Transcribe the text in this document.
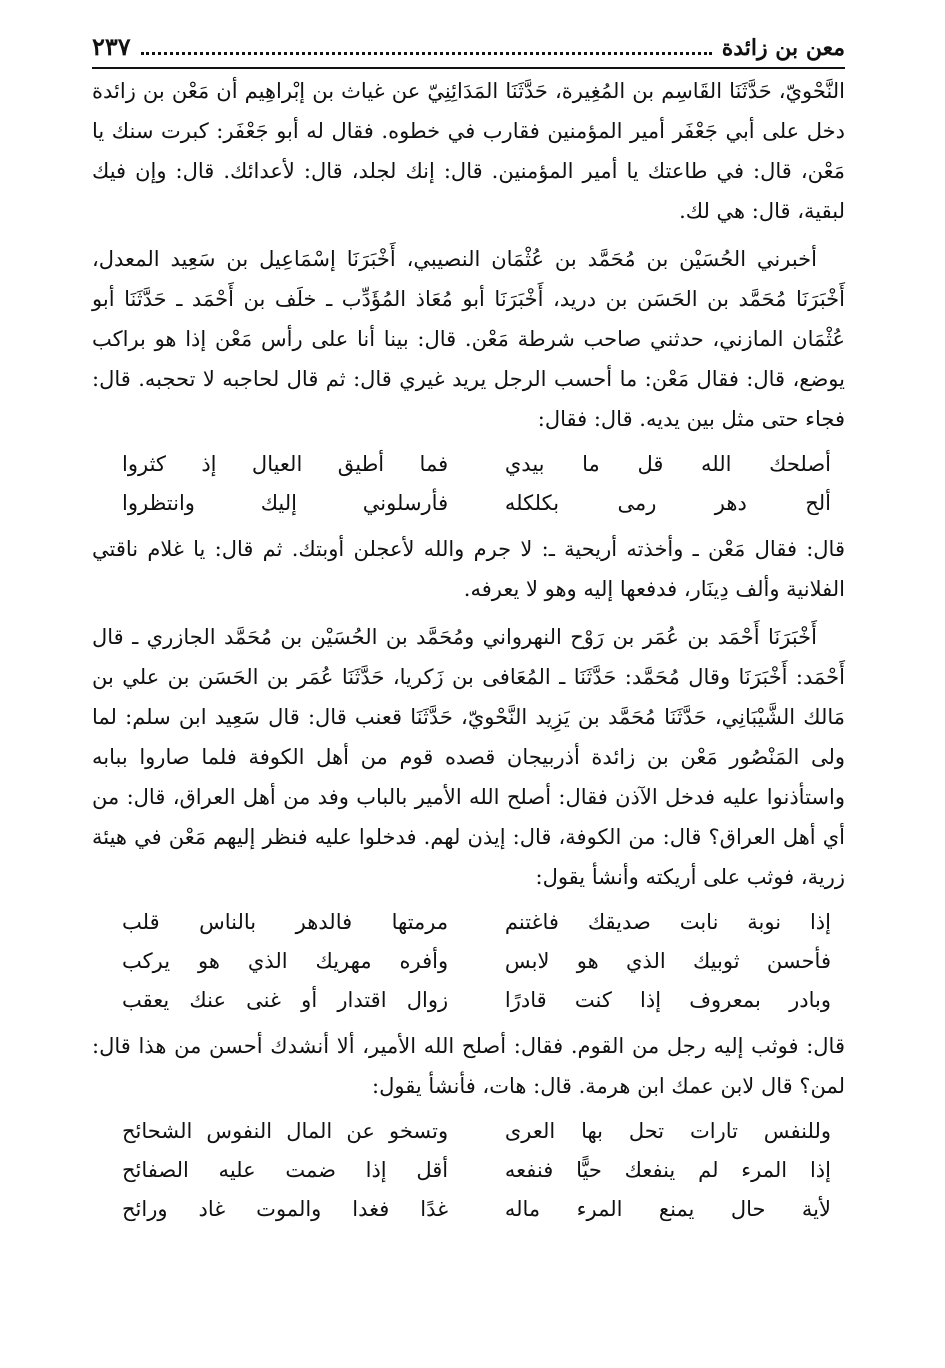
معن بن زائدة
٢٣٧

النَّحْويّ، حَدَّثَنَا القَاسِم بن المُغِيرة، حَدَّثَنَا المَدَائِنِيّ عن غياث بن إبْراهِيم أن مَعْن بن زائدة دخل على أبي جَعْفَر أمير المؤمنين فقارب في خطوه. فقال له أبو جَعْفَر: كبرت سنك يا مَعْن، قال: في طاعتك يا أمير المؤمنين. قال: إنك لجلد، قال: لأعدائك. قال: وإن فيك لبقية، قال: هي لك.

أخبرني الحُسَيْن بن مُحَمَّد بن عُثْمَان النصيبي، أَخْبَرَنَا إسْمَاعِيل بن سَعِيد المعدل، أَخْبَرَنَا مُحَمَّد بن الحَسَن بن دريد، أَخْبَرَنَا أبو مُعَاذ المُؤَدِّب ـ خلَف بن أَحْمَد ـ حَدَّثَنَا أبو عُثْمَان المازني، حدثني صاحب شرطة مَعْن. قال: بينا أنا على رأس مَعْن إذا هو براكب يوضع، قال: فقال مَعْن: ما أحسب الرجل يريد غيري قال: ثم قال لحاجبه لا تحجبه. قال: فجاء حتى مثل بين يديه. قال: فقال:

أصلحك الله قل ما بيدي
فما أطيق العيال إذ كثروا
ألح دهر رمى بكلكله
فأرسلوني إليك وانتظروا

قال: فقال مَعْن ـ وأخذته أريحية ـ: لا جرم والله لأعجلن أوبتك. ثم قال: يا غلام ناقتي الفلانية وألف دِينَار، فدفعها إليه وهو لا يعرفه.

أَخْبَرَنَا أَحْمَد بن عُمَر بن رَوْح النهرواني ومُحَمَّد بن الحُسَيْن بن مُحَمَّد الجازري ـ قال أَحْمَد: أَخْبَرَنَا وقال مُحَمَّد: حَدَّثَنَا ـ المُعَافى بن زَكريا، حَدَّثَنَا عُمَر بن الحَسَن بن علي بن مَالك الشَّيْبَانِي، حَدَّثَنَا مُحَمَّد بن يَزِيد النَّحْويّ، حَدَّثَنَا قعنب قال: قال سَعِيد ابن سلم: لما ولى المَنْصُور مَعْن بن زائدة أذربيجان قصده قوم من أهل الكوفة فلما صاروا ببابه واستأذنوا عليه فدخل الآذن فقال: أصلح الله الأمير بالباب وفد من أهل العراق، قال: من أي أهل العراق؟ قال: من الكوفة، قال: إيذن لهم. فدخلوا عليه فنظر إليهم مَعْن في هيئة زرية، فوثب على أريكته وأنشأ يقول:

إذا نوبة نابت صديقك فاغتنم
مرمتها فالدهر بالناس قلب
فأحسن ثوبيك الذي هو لابس
وأفره مهريك الذي هو يركب
وبادر بمعروف إذا كنت قادرًا
زوال اقتدار أو غنى عنك يعقب

قال: فوثب إليه رجل من القوم. فقال: أصلح الله الأمير، ألا أنشدك أحسن من هذا قال: لمن؟ قال لابن عمك ابن هرمة. قال: هات، فأنشأ يقول:

وللنفس تارات تحل بها العرى
وتسخو عن المال النفوس الشحائح
إذا المرء لم ينفعك حيًّا فنفعه
أقل إذا ضمت عليه الصفائح
لأية حال يمنع المرء ماله
غدًا فغدا والموت غاد ورائح
